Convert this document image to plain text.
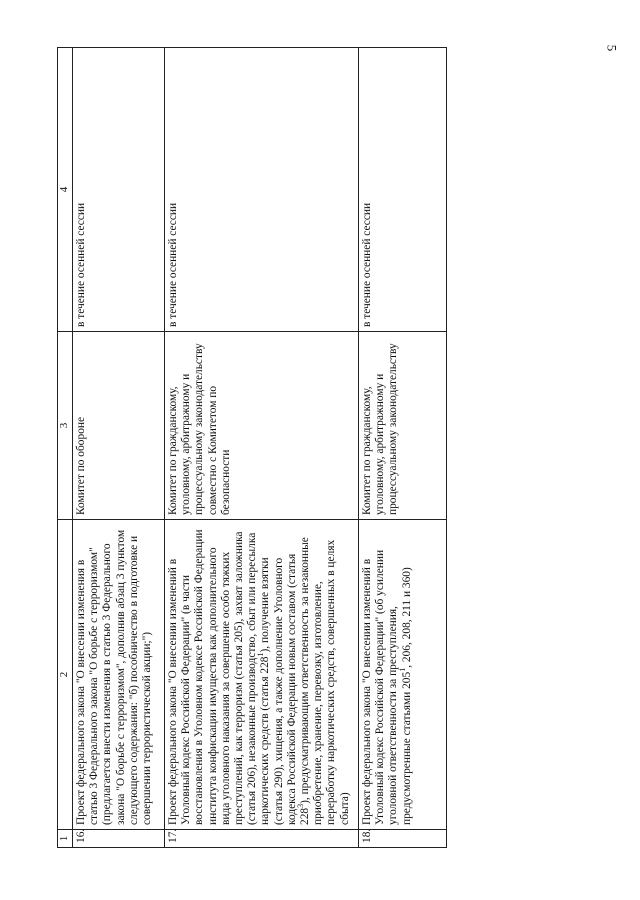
5
1	2	3	4
16.	Проект федерального закона "О внесении изменения в статью 3 Федерального закона "О борьбе с терроризмом" (предлагается внести изменения в статью 3 Федерального закона "О борьбе с терроризмом", дополнив абзац 3 пунктом следующего содержания: "б) пособничество в подготовке и совершении террористической акции;")	Комитет по обороне	в течение осенней сессии
17.	Проект федерального закона "О внесении изменений в Уголовный кодекс Российской Федерации" (в части восстановления в Уголовном кодексе Российской Федерации института конфискации имущества как дополнительного вида уголовного наказания за совершение особо тяжких преступлений, как терроризм (статья 205), захват заложника (статья 206), незаконные производство, сбыт или пересылка наркотических средств (статья $228^1$), получение взятки (статья 290), хищения, а также дополнение Уголовного кодекса Российской Федерации новым составом (статья $228^3$), предусматривающим ответственность за незаконные приобретение, хранение, перевозку, изготовление, переработку наркотических средств, совершенных в целях сбыта)	Комитет по гражданскому, уголовному, арбитражному и процессуальному законодательству совместно с Комитетом по безопасности	в течение осенней сессии
18.	Проект федерального закона "О внесении изменений в Уголовный кодекс Российской Федерации" (об усилении уголовной ответственности за преступления, предусмотренные статьями $205^1$, 206, 208, 211 и 360)	Комитет по гражданскому, уголовному, арбитражному и процессуальному законодательству	в течение осенней сессии
